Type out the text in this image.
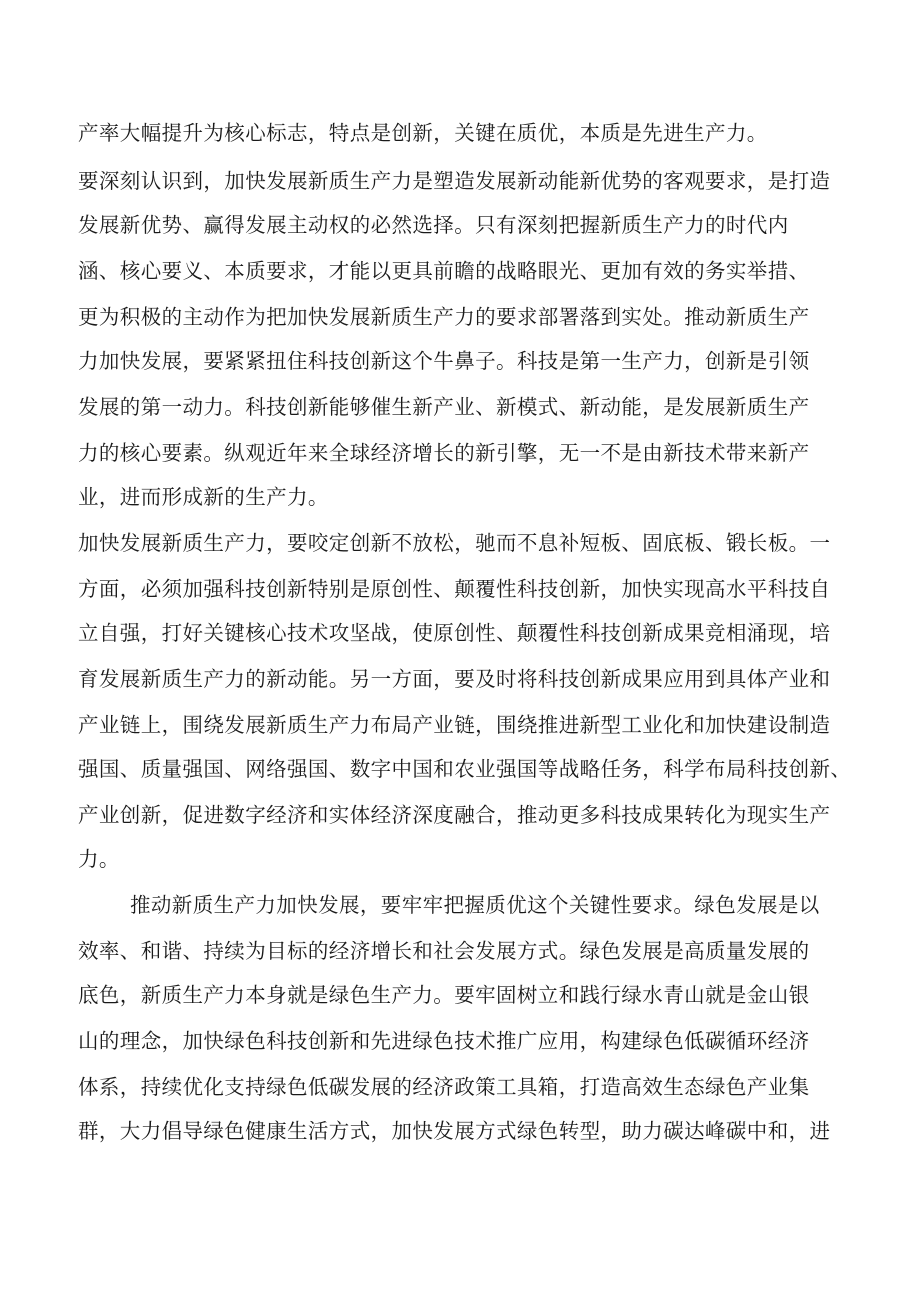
产率大幅提升为核心标志，特点是创新，关键在质优，本质是先进生产力。
要深刻认识到，加快发展新质生产力是塑造发展新动能新优势的客观要求，是打造
发展新优势、赢得发展主动权的必然选择。只有深刻把握新质生产力的时代内
涵、核心要义、本质要求，才能以更具前瞻的战略眼光、更加有效的务实举措、
更为积极的主动作为把加快发展新质生产力的要求部署落到实处。推动新质生产
力加快发展，要紧紧扭住科技创新这个牛鼻子。科技是第一生产力，创新是引领
发展的第一动力。科技创新能够催生新产业、新模式、新动能，是发展新质生产
力的核心要素。纵观近年来全球经济增长的新引擎，无一不是由新技术带来新产
业，进而形成新的生产力。
加快发展新质生产力，要咬定创新不放松，驰而不息补短板、固底板、锻长板。一
方面，必须加强科技创新特别是原创性、颠覆性科技创新，加快实现高水平科技自
立自强，打好关键核心技术攻坚战，使原创性、颠覆性科技创新成果竞相涌现，培
育发展新质生产力的新动能。另一方面，要及时将科技创新成果应用到具体产业和
产业链上，围绕发展新质生产力布局产业链，围绕推进新型工业化和加快建设制造
强国、质量强国、网络强国、数字中国和农业强国等战略任务，科学布局科技创新、
产业创新，促进数字经济和实体经济深度融合，推动更多科技成果转化为现实生产
力。
推动新质生产力加快发展，要牢牢把握质优这个关键性要求。绿色发展是以
效率、和谐、持续为目标的经济增长和社会发展方式。绿色发展是高质量发展的
底色，新质生产力本身就是绿色生产力。要牢固树立和践行绿水青山就是金山银
山的理念，加快绿色科技创新和先进绿色技术推广应用，构建绿色低碳循环经济
体系，持续优化支持绿色低碳发展的经济政策工具箱，打造高效生态绿色产业集
群，大力倡导绿色健康生活方式，加快发展方式绿色转型，助力碳达峰碳中和，进
